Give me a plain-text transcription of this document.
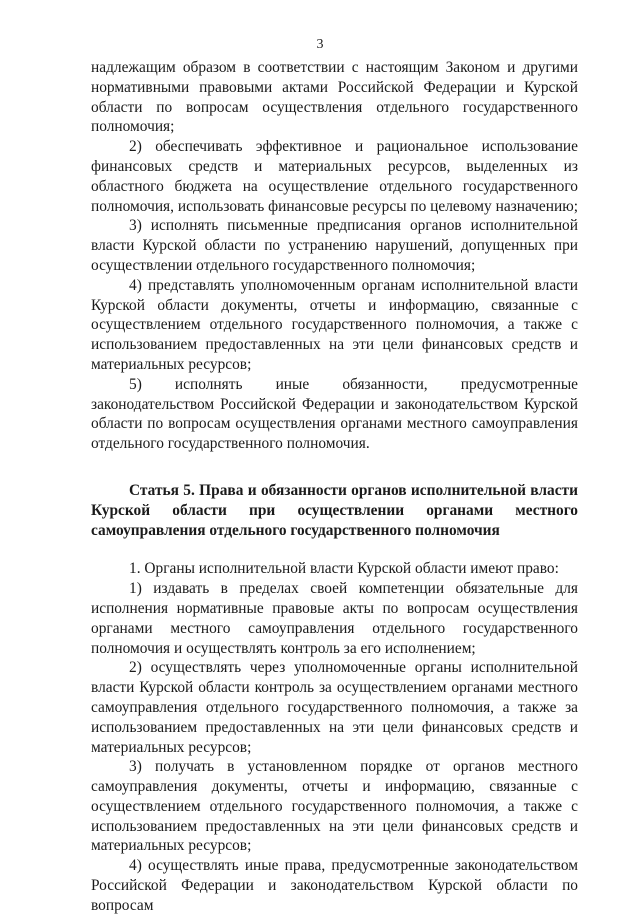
3

надлежащим образом в соответствии с настоящим Законом и другими нормативными правовыми актами Российской Федерации и Курской области по вопросам осуществления отдельного государственного полномочия;

2) обеспечивать эффективное и рациональное использование финансовых средств и материальных ресурсов, выделенных из областного бюджета на осуществление отдельного государственного полномочия, использовать финансовые ресурсы по целевому назначению;

3) исполнять письменные предписания органов исполнительной власти Курской области по устранению нарушений, допущенных при осуществлении отдельного государственного полномочия;

4) представлять уполномоченным органам исполнительной власти Курской области документы, отчеты и информацию, связанные с осуществлением отдельного государственного полномочия, а также с использованием предоставленных на эти цели финансовых средств и материальных ресурсов;

5) исполнять иные обязанности, предусмотренные законодательством Российской Федерации и законодательством Курской области по вопросам осуществления органами местного самоуправления отдельного государственного полномочия.

Статья 5. Права и обязанности органов исполнительной власти Курской области при осуществлении органами местного самоуправления отдельного государственного полномочия

1. Органы исполнительной власти Курской области имеют право:

1) издавать в пределах своей компетенции обязательные для исполнения нормативные правовые акты по вопросам осуществления органами местного самоуправления отдельного государственного полномочия и осуществлять контроль за его исполнением;

2) осуществлять через уполномоченные органы исполнительной власти Курской области контроль за осуществлением органами местного самоуправления отдельного государственного полномочия, а также за использованием предоставленных на эти цели финансовых средств и материальных ресурсов;

3) получать в установленном порядке от органов местного самоуправления документы, отчеты и информацию, связанные с осуществлением отдельного государственного полномочия, а также с использованием предоставленных на эти цели финансовых средств и материальных ресурсов;

4) осуществлять иные права, предусмотренные законодательством Российской Федерации и законодательством Курской области по вопросам
